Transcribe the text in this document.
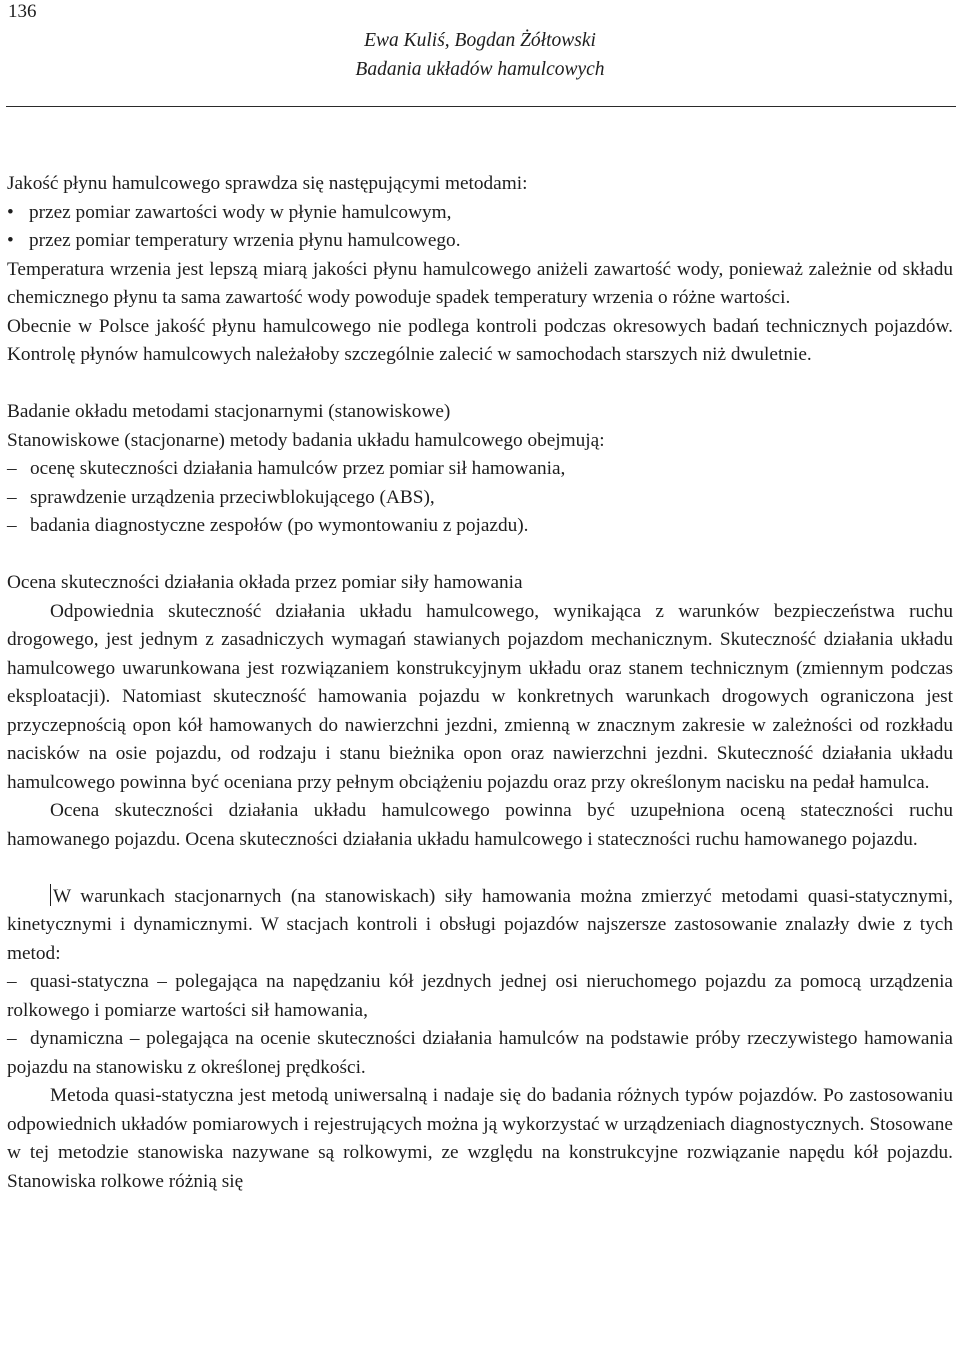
136
Ewa Kuliś, Bogdan Żółtowski
Badania układów hamulcowych

Jakość płynu hamulcowego sprawdza się następującymi metodami:

• przez pomiar zawartości wody w płynie hamulcowym,
• przez pomiar temperatury wrzenia płynu hamulcowego.

Temperatura wrzenia jest lepszą miarą jakości płynu hamulcowego aniżeli zawartość wody, ponieważ zależnie od składu chemicznego płynu ta sama zawartość wody powoduje spadek temperatury wrzenia o różne wartości.

Obecnie w Polsce jakość płynu hamulcowego nie podlega kontroli podczas okresowych badań technicznych pojazdów. Kontrolę płynów hamulcowych należałoby szczególnie zalecić w samochodach starszych niż dwuletnie.

Badanie okładu metodami stacjonarnymi (stanowiskowe)

Stanowiskowe (stacjonarne) metody badania układu hamulcowego obejmują:

– ocenę skuteczności działania hamulców przez pomiar sił hamowania,
– sprawdzenie urządzenia przeciwblokującego (ABS),
– badania diagnostyczne zespołów (po wymontowaniu z pojazdu).

Ocena skuteczności działania okłada przez pomiar siły hamowania

Odpowiednia skuteczność działania układu hamulcowego, wynikająca z warunków bezpieczeństwa ruchu drogowego, jest jednym z zasadniczych wymagań stawianych pojazdom mechanicznym. Skuteczność działania układu hamulcowego uwarunkowana jest rozwiązaniem konstrukcyjnym układu oraz stanem technicznym (zmiennym podczas eksploatacji). Natomiast skuteczność hamowania pojazdu w konkretnych warunkach drogowych ograniczona jest przyczepnością opon kół hamowanych do nawierzchni jezdni, zmienną w znacznym zakresie w zależności od rozkładu nacisków na osie pojazdu, od rodzaju i stanu bieżnika opon oraz nawierzchni jezdni. Skuteczność działania układu hamulcowego powinna być oceniana przy pełnym obciążeniu pojazdu oraz przy określonym nacisku na pedał hamulca.

Ocena skuteczności działania układu hamulcowego powinna być uzupełniona oceną stateczności ruchu hamowanego pojazdu. Ocena skuteczności działania układu hamulcowego i stateczności ruchu hamowanego pojazdu.

W warunkach stacjonarnych (na stanowiskach) siły hamowania można zmierzyć metodami quasi-statycznymi, kinetycznymi i dynamicznymi. W stacjach kontroli i obsługi pojazdów najszersze zastosowanie znalazły dwie z tych metod:

– quasi-statyczna – polegająca na napędzaniu kół jezdnych jednej osi nieruchomego pojazdu za pomocą urządzenia rolkowego i pomiarze wartości sił hamowania,
– dynamiczna – polegająca na ocenie skuteczności działania hamulców na podstawie próby rzeczywistego hamowania pojazdu na stanowisku z określonej prędkości.

Metoda quasi-statyczna jest metodą uniwersalną i nadaje się do badania różnych typów pojazdów. Po zastosowaniu odpowiednich układów pomiarowych i rejestrujących można ją wykorzystać w urządzeniach diagnostycznych. Stosowane w tej metodzie stanowiska nazywane są rolkowymi, ze względu na konstrukcyjne rozwiązanie napędu kół pojazdu. Stanowiska rolkowe różnią się
